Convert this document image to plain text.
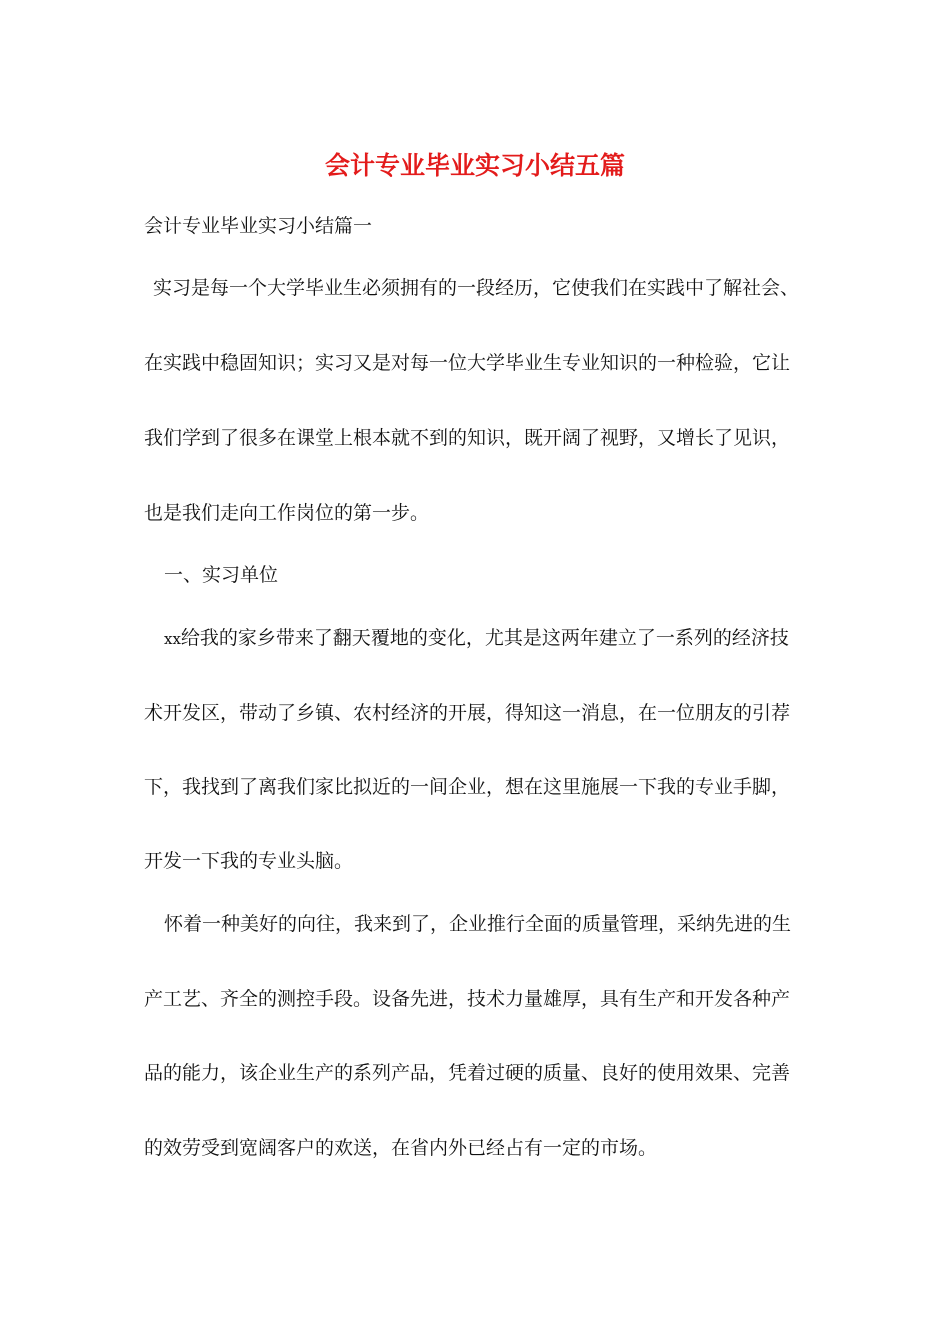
会计专业毕业实习小结五篇

会计专业毕业实习小结篇一

实习是每一个大学毕业生必须拥有的一段经历，它使我们在实践中了解社会、

在实践中稳固知识；实习又是对每一位大学毕业生专业知识的一种检验，它让

我们学到了很多在课堂上根本就不到的知识，既开阔了视野，又增长了见识，

也是我们走向工作岗位的第一步。

一、实习单位

xx给我的家乡带来了翻天覆地的变化，尤其是这两年建立了一系列的经济技

术开发区，带动了乡镇、农村经济的开展，得知这一消息，在一位朋友的引荐

下，我找到了离我们家比拟近的一间企业，想在这里施展一下我的专业手脚，

开发一下我的专业头脑。

怀着一种美好的向往，我来到了，企业推行全面的质量管理，采纳先进的生

产工艺、齐全的测控手段。设备先进，技术力量雄厚，具有生产和开发各种产

品的能力，该企业生产的系列产品，凭着过硬的质量、良好的使用效果、完善

的效劳受到宽阔客户的欢送，在省内外已经占有一定的市场。
